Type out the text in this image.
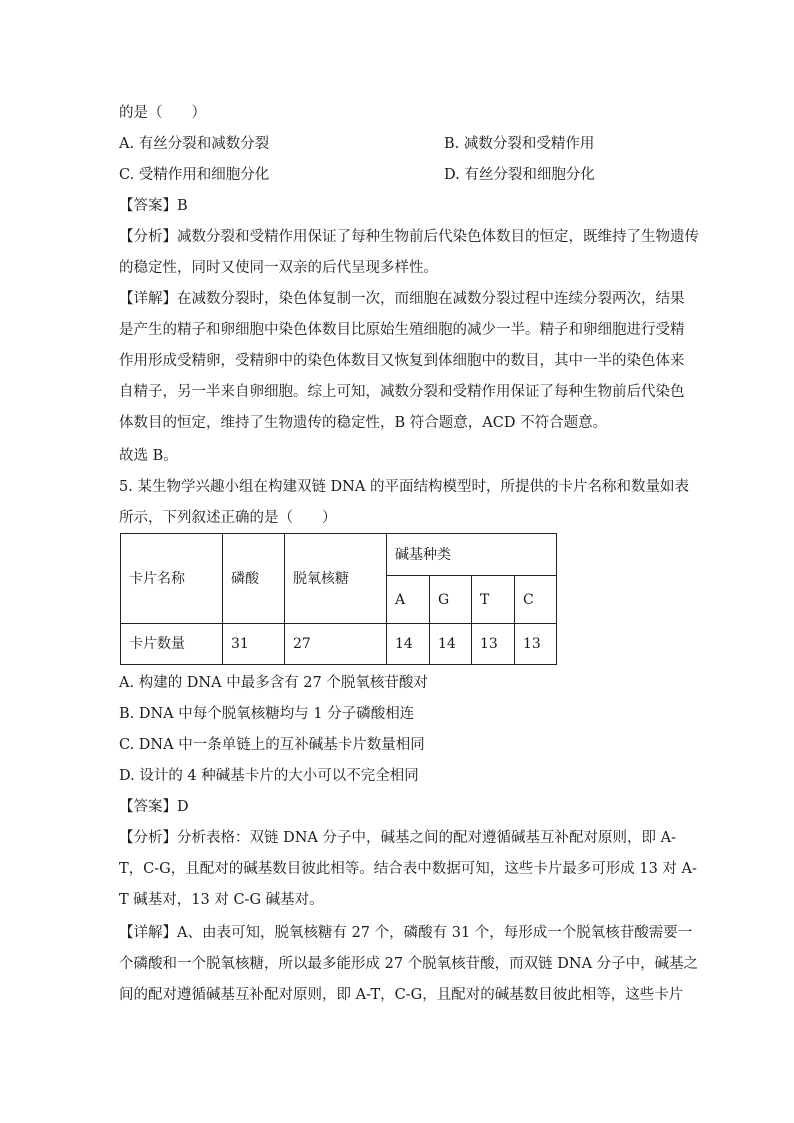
的是（　　）
A. 有丝分裂和减数分裂	B. 减数分裂和受精作用
C. 受精作用和细胞分化	D. 有丝分裂和细胞分化
【答案】B
【分析】减数分裂和受精作用保证了每种生物前后代染色体数目的恒定，既维持了生物遗传
的稳定性，同时又使同一双亲的后代呈现多样性。
【详解】在减数分裂时，染色体复制一次，而细胞在减数分裂过程中连续分裂两次，结果
是产生的精子和卵细胞中染色体数目比原始生殖细胞的减少一半。精子和卵细胞进行受精
作用形成受精卵，受精卵中的染色体数目又恢复到体细胞中的数目，其中一半的染色体来
自精子，另一半来自卵细胞。综上可知，减数分裂和受精作用保证了每种生物前后代染色
体数目的恒定，维持了生物遗传的稳定性，B 符合题意，ACD 不符合题意。
故选 B。
5. 某生物学兴趣小组在构建双链 DNA 的平面结构模型时，所提供的卡片名称和数量如表
所示，下列叙述正确的是（　　）
卡片名称	磷酸	脱氧核糖	碱基种类			
			A	G	T	C
卡片数量	31	27	14	14	13	13
A. 构建的 DNA 中最多含有 27 个脱氧核苷酸对
B. DNA 中每个脱氧核糖均与 1 分子磷酸相连
C. DNA 中一条单链上的互补碱基卡片数量相同
D. 设计的 4 种碱基卡片的大小可以不完全相同
【答案】D
【分析】分析表格：双链 DNA 分子中，碱基之间的配对遵循碱基互补配对原则，即 A-
T，C-G，且配对的碱基数目彼此相等。结合表中数据可知，这些卡片最多可形成 13 对 A-
T 碱基对，13 对 C-G 碱基对。
【详解】A、由表可知，脱氧核糖有 27 个，磷酸有 31 个，每形成一个脱氧核苷酸需要一
个磷酸和一个脱氧核糖，所以最多能形成 27 个脱氧核苷酸，而双链 DNA 分子中，碱基之
间的配对遵循碱基互补配对原则，即 A-T，C-G，且配对的碱基数目彼此相等，这些卡片
